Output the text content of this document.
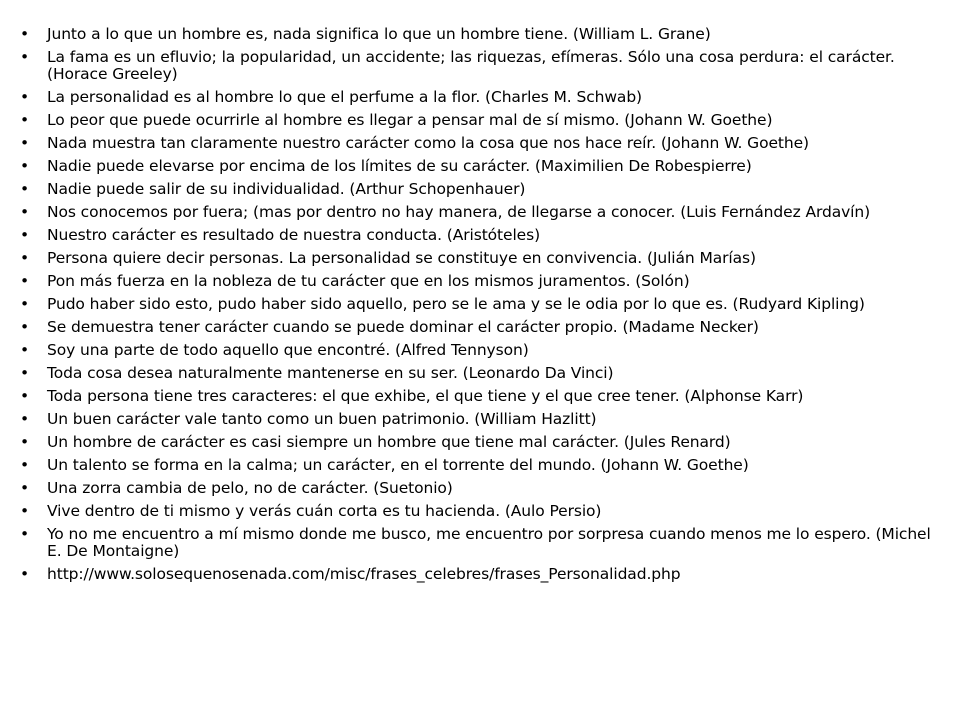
•	Junto a lo que un hombre es, nada significa lo que un hombre tiene. (William L. Grane)
•	La fama es un efluvio; la popularidad, un accidente; las riquezas, efímeras. Sólo una cosa perdura: el carácter. (Horace Greeley)
•	La personalidad es al hombre lo que el perfume a la flor. (Charles M. Schwab)
•	Lo peor que puede ocurrirle al hombre es llegar a pensar mal de sí mismo. (Johann W. Goethe)
•	Nada muestra tan claramente nuestro carácter como la cosa que nos hace reír. (Johann W. Goethe)
•	Nadie puede elevarse por encima de los límites de su carácter. (Maximilien De Robespierre)
•	Nadie puede salir de su individualidad. (Arthur Schopenhauer)
•	Nos conocemos por fuera; (mas por dentro no hay manera, de llegarse a conocer. (Luis Fernández Ardavín)
•	Nuestro carácter es resultado de nuestra conducta. (Aristóteles)
•	Persona quiere decir personas. La personalidad se constituye en convivencia. (Julián Marías)
•	Pon más fuerza en la nobleza de tu carácter que en los mismos juramentos. (Solón)
•	Pudo haber sido esto, pudo haber sido aquello, pero se le ama y se le odia por lo que es. (Rudyard Kipling)
•	Se demuestra tener carácter cuando se puede dominar el carácter propio. (Madame Necker)
•	Soy una parte de todo aquello que encontré. (Alfred Tennyson)
•	Toda cosa desea naturalmente mantenerse en su ser. (Leonardo Da Vinci)
•	Toda persona tiene tres caracteres: el que exhibe, el que tiene y el que cree tener. (Alphonse Karr)
•	Un buen carácter vale tanto como un buen patrimonio. (William Hazlitt)
•	Un hombre de carácter es casi siempre un hombre que tiene mal carácter. (Jules Renard)
•	Un talento se forma en la calma; un carácter, en el torrente del mundo. (Johann W. Goethe)
•	Una zorra cambia de pelo, no de carácter. (Suetonio)
•	Vive dentro de ti mismo y verás cuán corta es tu hacienda. (Aulo Persio)
•	Yo no me encuentro a mí mismo donde me busco, me encuentro por sorpresa cuando menos me lo espero. (Michel E. De Montaigne)
•	http://www.solosequenosenada.com/misc/frases_celebres/frases_Personalidad.php
